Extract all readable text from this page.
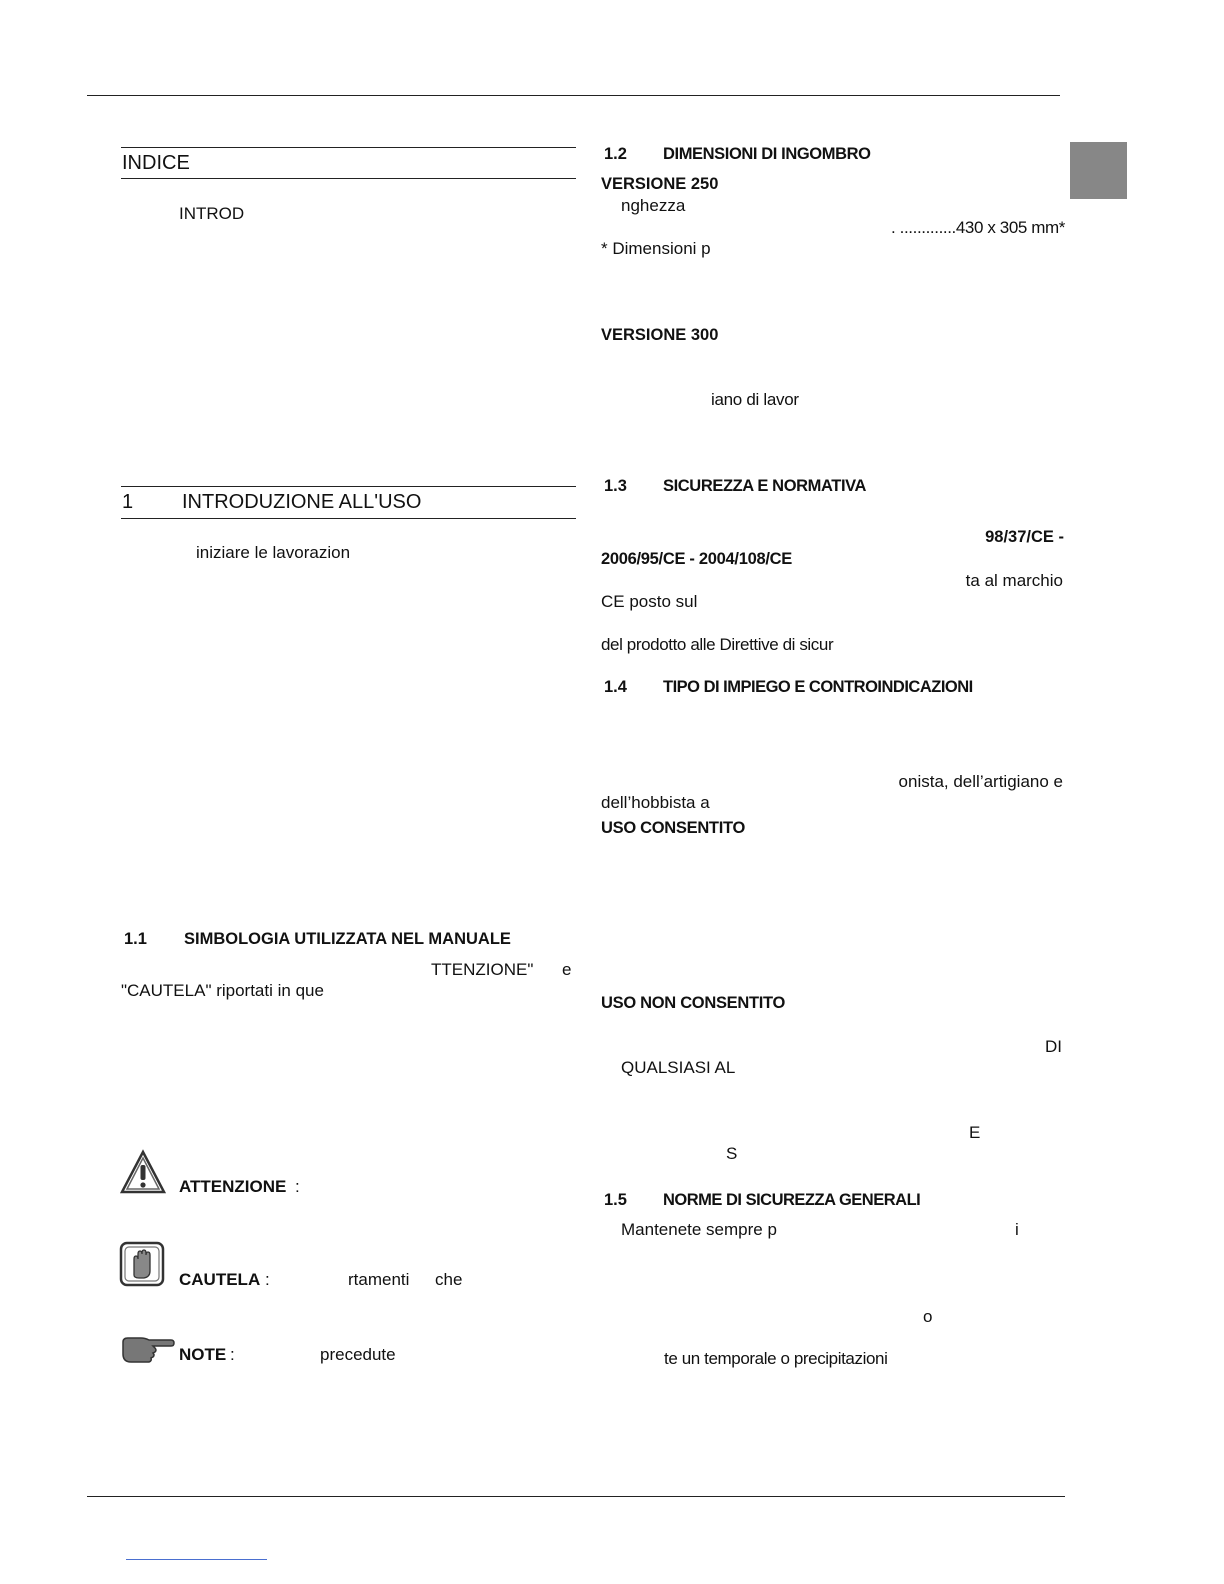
INDICE
INTROD
1 INTRODUZIONE ALL'USO
iniziare le lavorazion
1.1 SIMBOLOGIA UTILIZZATA NEL MANUALE
TTENZIONE" e
"CAUTELA" riportati in que
ATTENZIONE :
CAUTELA :	rtamenti che
NOTE :	precedute
1.2 DIMENSIONI DI INGOMBRO
VERSIONE 250
nghezza
. .............430 x 305 mm*
* Dimensioni p
VERSIONE 300
iano di lavor
1.3 SICUREZZA E NORMATIVA
98/37/CE -
2006/95/CE - 2004/108/CE
ta al marchio
CE posto sul
del prodotto alle Direttive di sicur
1.4 TIPO DI IMPIEGO E CONTROINDICAZIONI
onista, dell’artigiano e
dell’hobbista a
USO CONSENTITO
USO NON CONSENTITO
DI
QUALSIASI AL
E
S
1.5 NORME DI SICUREZZA GENERALI
Mantenete sempre p	i
o
te un temporale o precipitazioni
